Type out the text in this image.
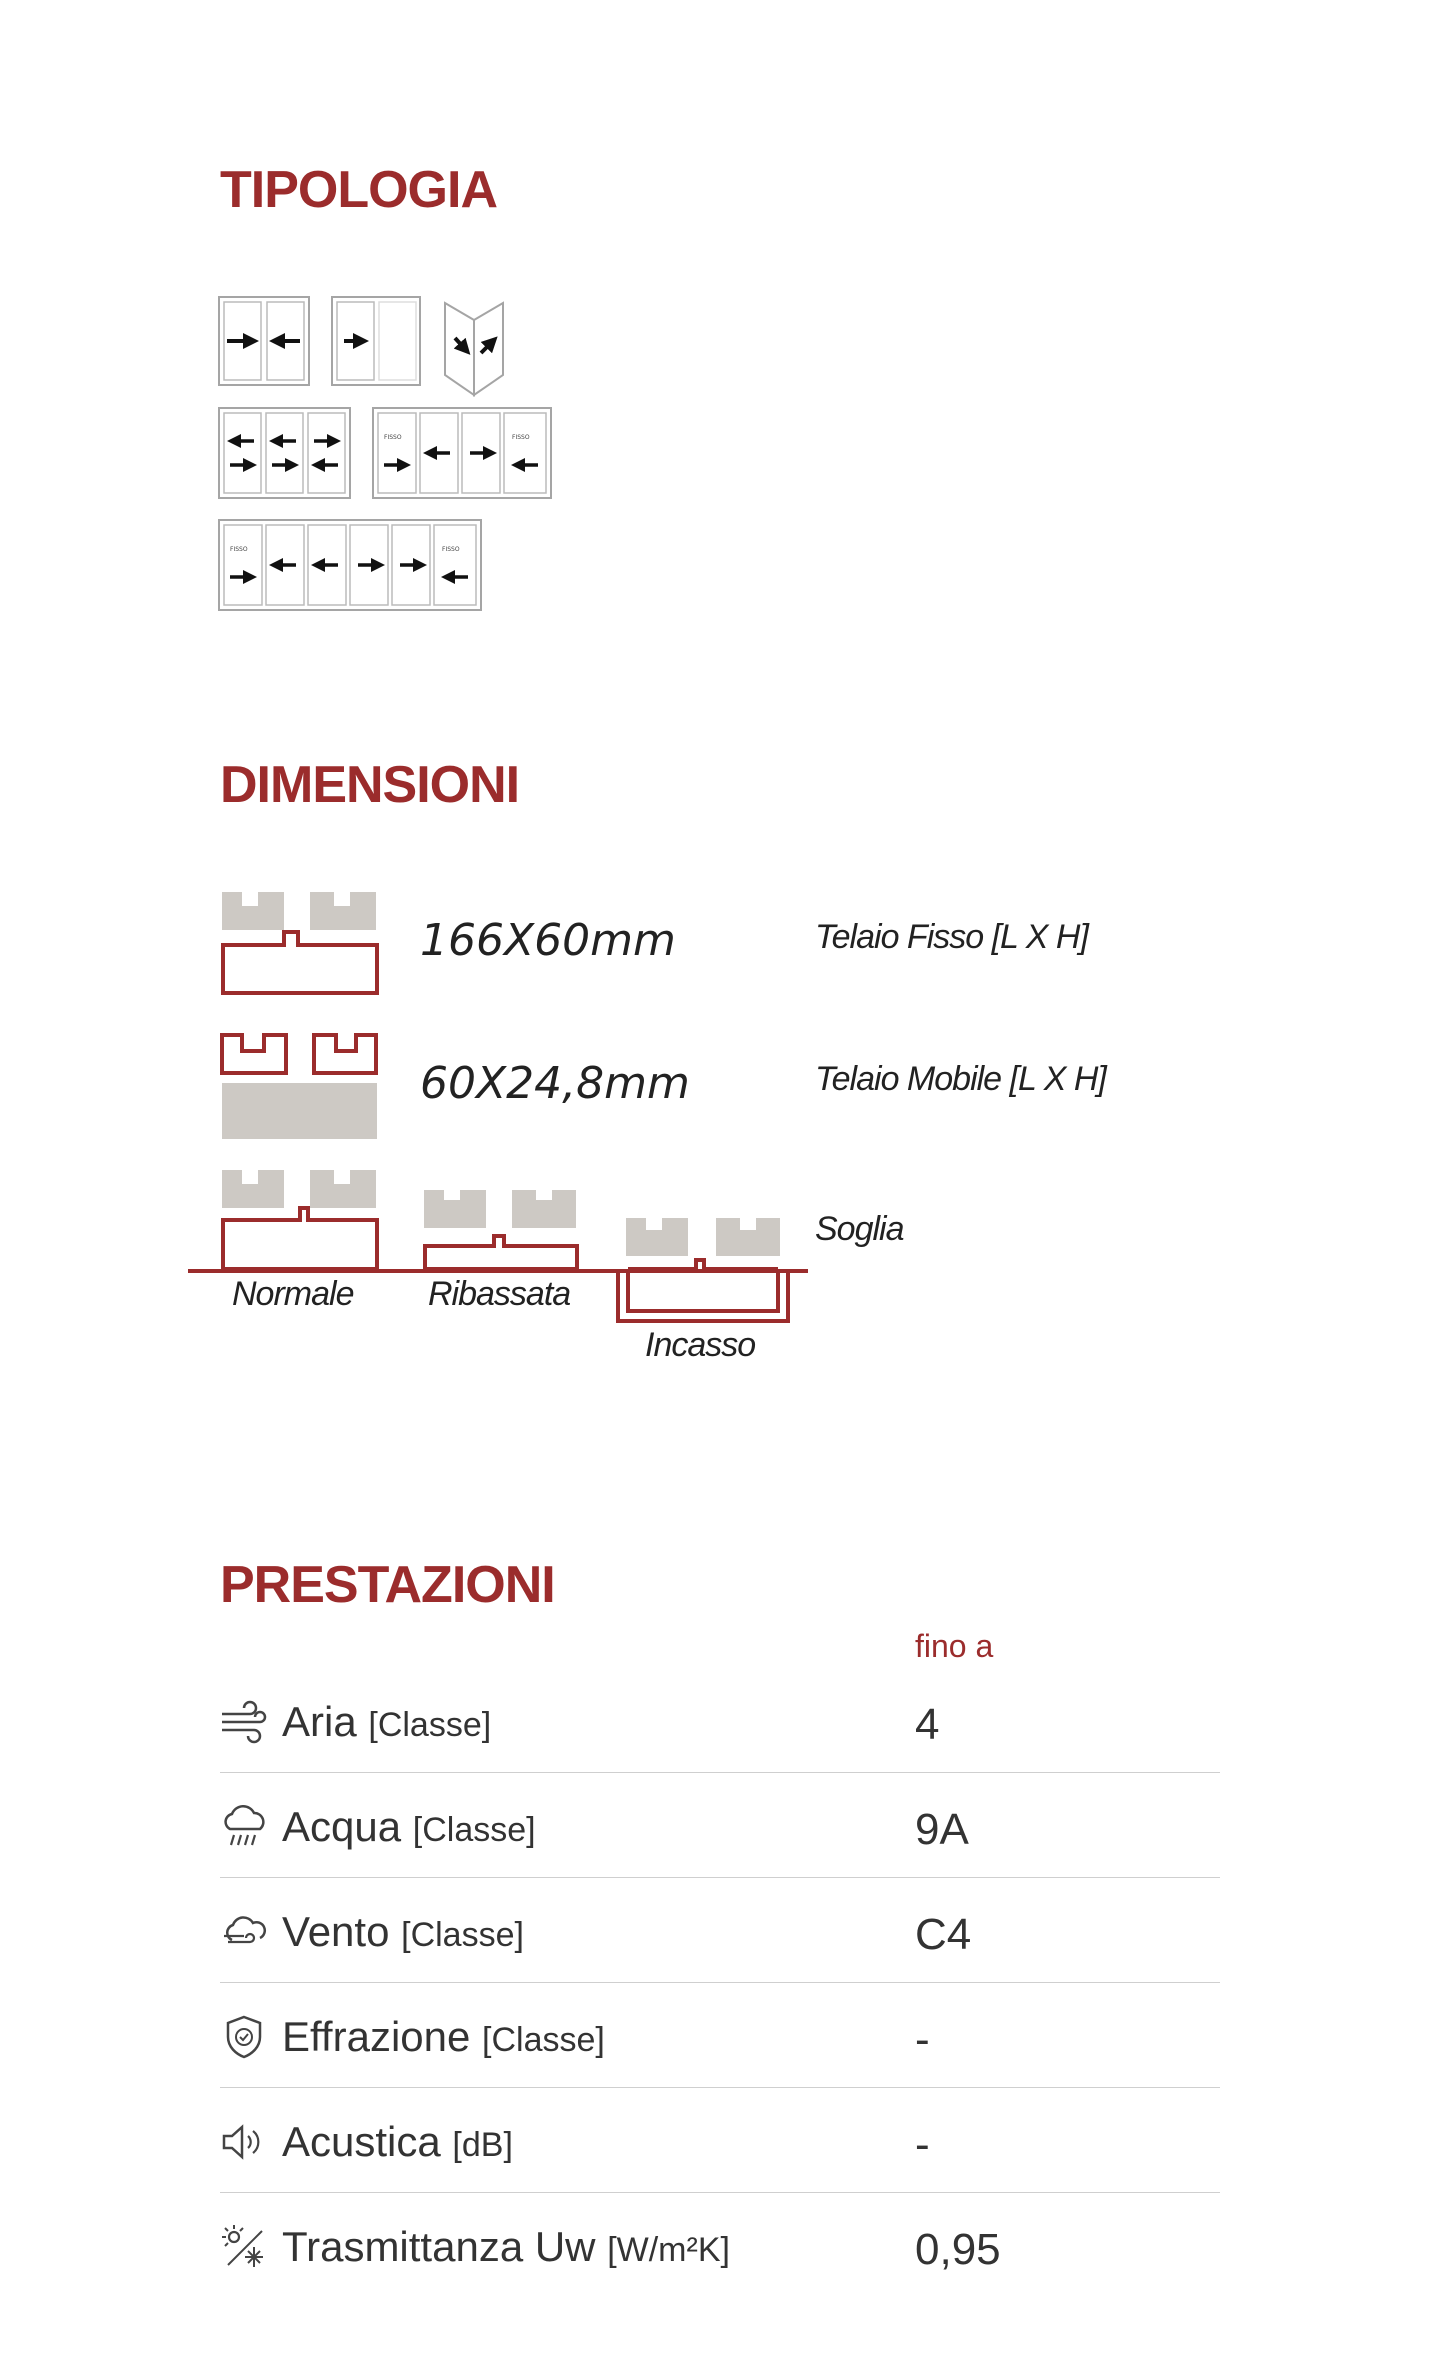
TIPOLOGIA
FISSO	FISSO
FISSO	FISSO
DIMENSIONI
166X60mm	Telaio Fisso [L X H]
60X24,8mm	Telaio Mobile [L X H]
Soglia
Normale Ribassata
Incasso
PRESTAZIONI
fino a
Aria [Classe]	4
Acqua [Classe]	9A
Vento [Classe]	C4
Effrazione [Classe]	-
Acustica [dB]	-
Trasmittanza Uw [W/m²K]	0,95
